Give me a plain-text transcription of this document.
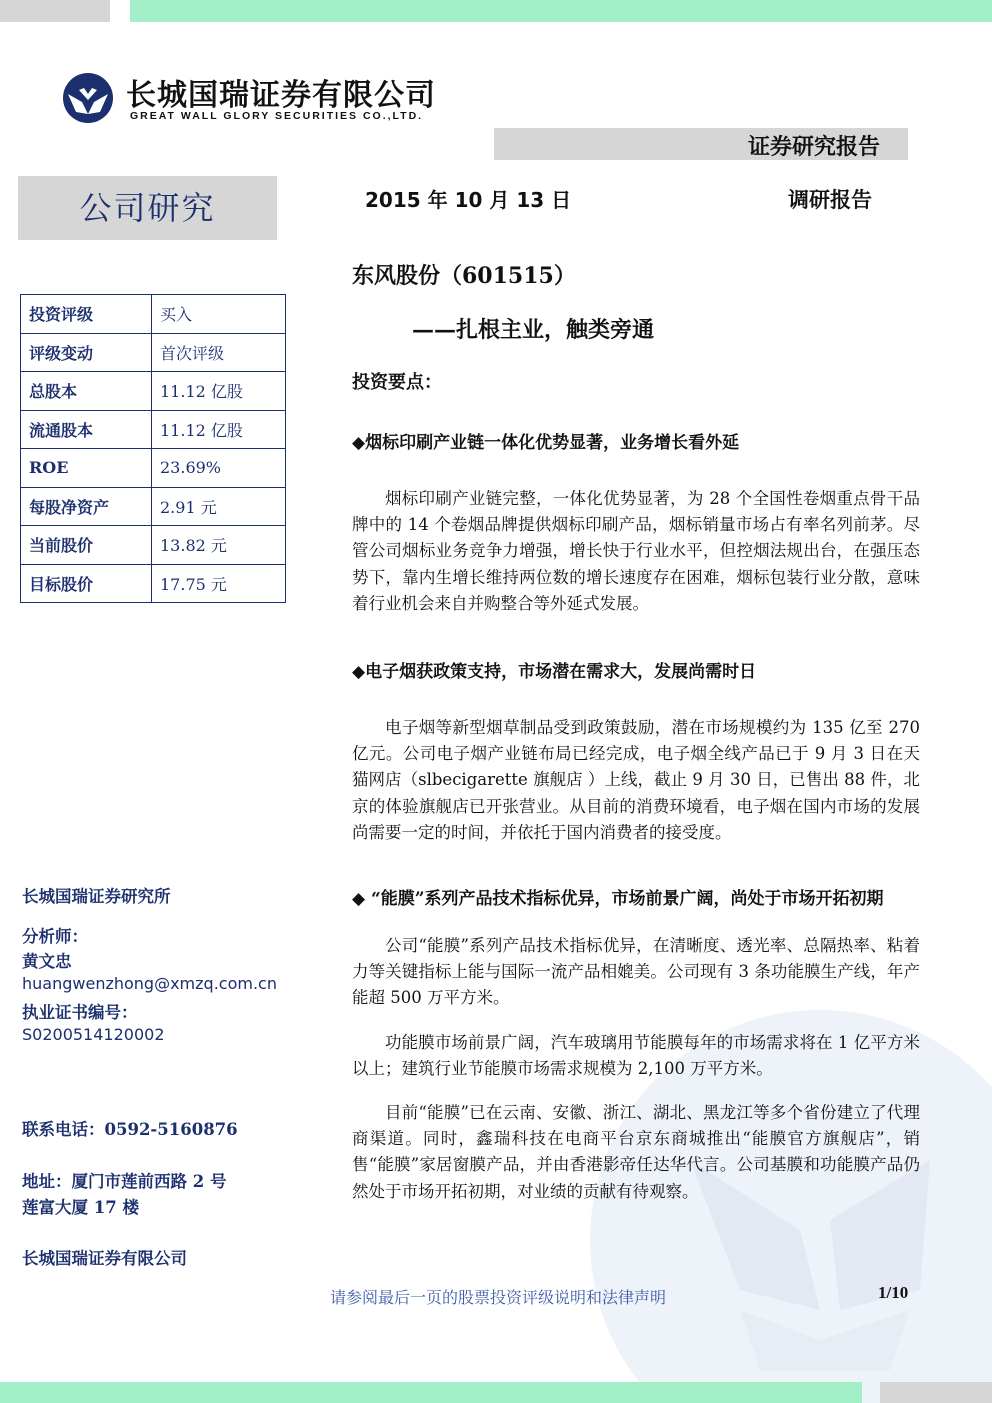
长城国瑞证券有限公司
GREAT WALL GLORY SECURITIES CO.,LTD.
证券研究报告
公司研究	2015 年 10 月 13 日	调研报告
东风股份（601515）
——扎根主业，触类旁通
投资要点：
投资评级	买入
评级变动	首次评级
总股本	11.12 亿股
流通股本	11.12 亿股
ROE	23.69%
每股净资产	2.91 元
当前股价	13.82 元
目标股价	17.75 元
◆烟标印刷产业链一体化优势显著，业务增长看外延

烟标印刷产业链完整，一体化优势显著，为 28 个全国性卷烟重点骨干品牌中的 14 个卷烟品牌提供烟标印刷产品，烟标销量市场占有率名列前茅。尽管公司烟标业务竞争力增强，增长快于行业水平，但控烟法规出台，在强压态势下，靠内生增长维持两位数的增长速度存在困难，烟标包装行业分散，意味着行业机会来自并购整合等外延式发展。

◆电子烟获政策支持，市场潜在需求大，发展尚需时日

电子烟等新型烟草制品受到政策鼓励，潜在市场规模约为 135 亿至 270 亿元。公司电子烟产业链布局已经完成，电子烟全线产品已于 9 月 3 日在天猫网店（slbecigarette 旗舰店 ）上线，截止 9 月 30 日，已售出 88 件，北京的体验旗舰店已开张营业。从目前的消费环境看，电子烟在国内市场的发展尚需要一定的时间，并依托于国内消费者的接受度。

◆ “能膜”系列产品技术指标优异，市场前景广阔，尚处于市场开拓初期

公司“能膜”系列产品技术指标优异，在清晰度、透光率、总隔热率、粘着力等关键指标上能与国际一流产品相媲美。公司现有 3 条功能膜生产线，年产能超 500 万平方米。

功能膜市场前景广阔，汽车玻璃用节能膜每年的市场需求将在 1 亿平方米以上；建筑行业节能膜市场需求规模为 2,100 万平方米。

目前“能膜”已在云南、安徽、浙江、湖北、黑龙江等多个省份建立了代理商渠道。同时，鑫瑞科技在电商平台京东商城推出“能膜官方旗舰店”，销售“能膜”家居窗膜产品，并由香港影帝任达华代言。公司基膜和功能膜产品仍然处于市场开拓初期，对业绩的贡献有待观察。

长城国瑞证券研究所
分析师：
黄文忠
huangwenzhong@xmzq.com.cn
执业证书编号：
S0200514120002
联系电话：0592-5160876
地址：厦门市莲前西路 2 号
莲富大厦 17 楼
长城国瑞证券有限公司
请参阅最后一页的股票投资评级说明和法律声明	1/10
